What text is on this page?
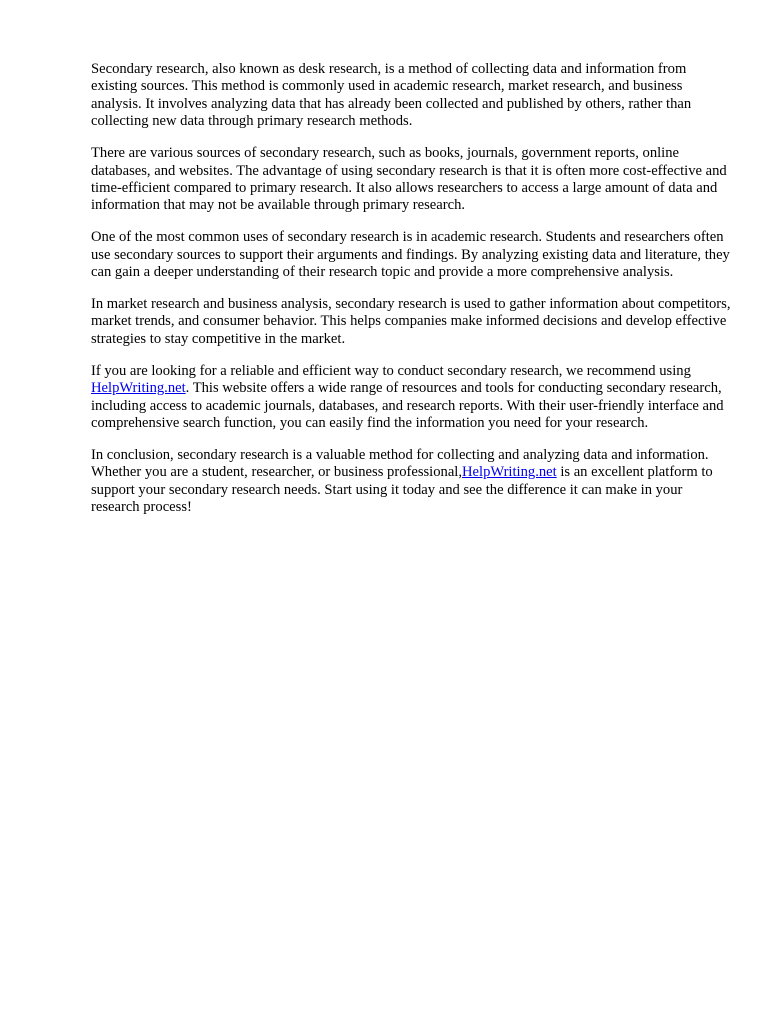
Secondary research, also known as desk research, is a method of collecting data and information from existing sources. This method is commonly used in academic research, market research, and business analysis. It involves analyzing data that has already been collected and published by others, rather than collecting new data through primary research methods.

There are various sources of secondary research, such as books, journals, government reports, online databases, and websites. The advantage of using secondary research is that it is often more cost-effective and time-efficient compared to primary research. It also allows researchers to access a large amount of data and information that may not be available through primary research.

One of the most common uses of secondary research is in academic research. Students and researchers often use secondary sources to support their arguments and findings. By analyzing existing data and literature, they can gain a deeper understanding of their research topic and provide a more comprehensive analysis.

In market research and business analysis, secondary research is used to gather information about competitors, market trends, and consumer behavior. This helps companies make informed decisions and develop effective strategies to stay competitive in the market.

If you are looking for a reliable and efficient way to conduct secondary research, we recommend using HelpWriting.net. This website offers a wide range of resources and tools for conducting secondary research, including access to academic journals, databases, and research reports. With their user-friendly interface and comprehensive search function, you can easily find the information you need for your research.

In conclusion, secondary research is a valuable method for collecting and analyzing data and information. Whether you are a student, researcher, or business professional,HelpWriting.net is an excellent platform to support your secondary research needs. Start using it today and see the difference it can make in your research process!
